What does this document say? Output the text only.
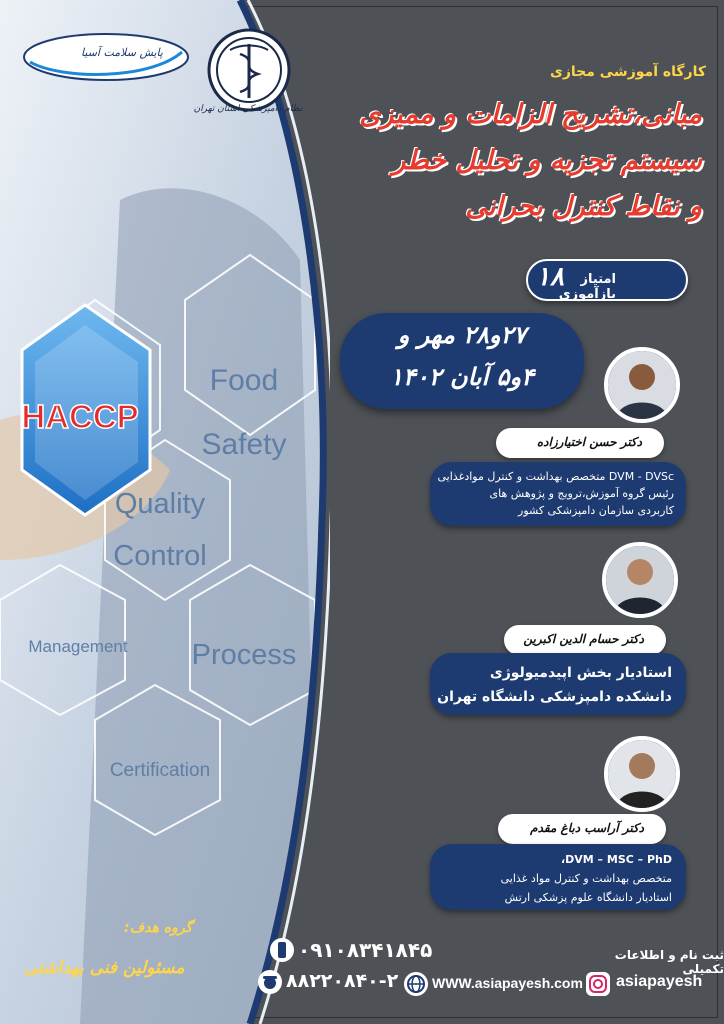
HACCP
Food
Safety
Quality
Control
Management Process
Certification
پایش سلامت آسیا
نظام دامپزشکی استان تهران
کارگاه آموزشی مجازی
مبانی،تشریح الزامات و ممیزی
سیستم تجزیه و تحلیل خطر
و نقاط کنترل بحرانی
۱۸	امتیاز بازآموزی
۲۷و۲۸ مهر و
۴و۵ آبان ۱۴۰۲
دکتر حسن اختیارزاده
DVM - DVSc متخصص بهداشت و کنترل موادغذایی
رئیس گروه آموزش،ترویج و پژوهش های
کاربردی سازمان دامپزشکی کشور
دکتر حسام الدین اکبرین
استادیار بخش اپیدمیولوژی
دانشکده دامپزشکی دانشگاه تهران
دکتر آراسب دباغ مقدم
DVM – MSC – PhD،
متخصص بهداشت و کنترل مواد غذایی
استادیار دانشگاه علوم پزشکی ارتش
گروه هدف:
مسئولین فنی بهداشتی
۰۹۱۰۸۳۴۱۸۴۵
۸۸۲۲۰۸۴۰-۲ WWW.asiapayesh.com
ثبت نام و اطلاعات تکمیلی
asiapayesh
